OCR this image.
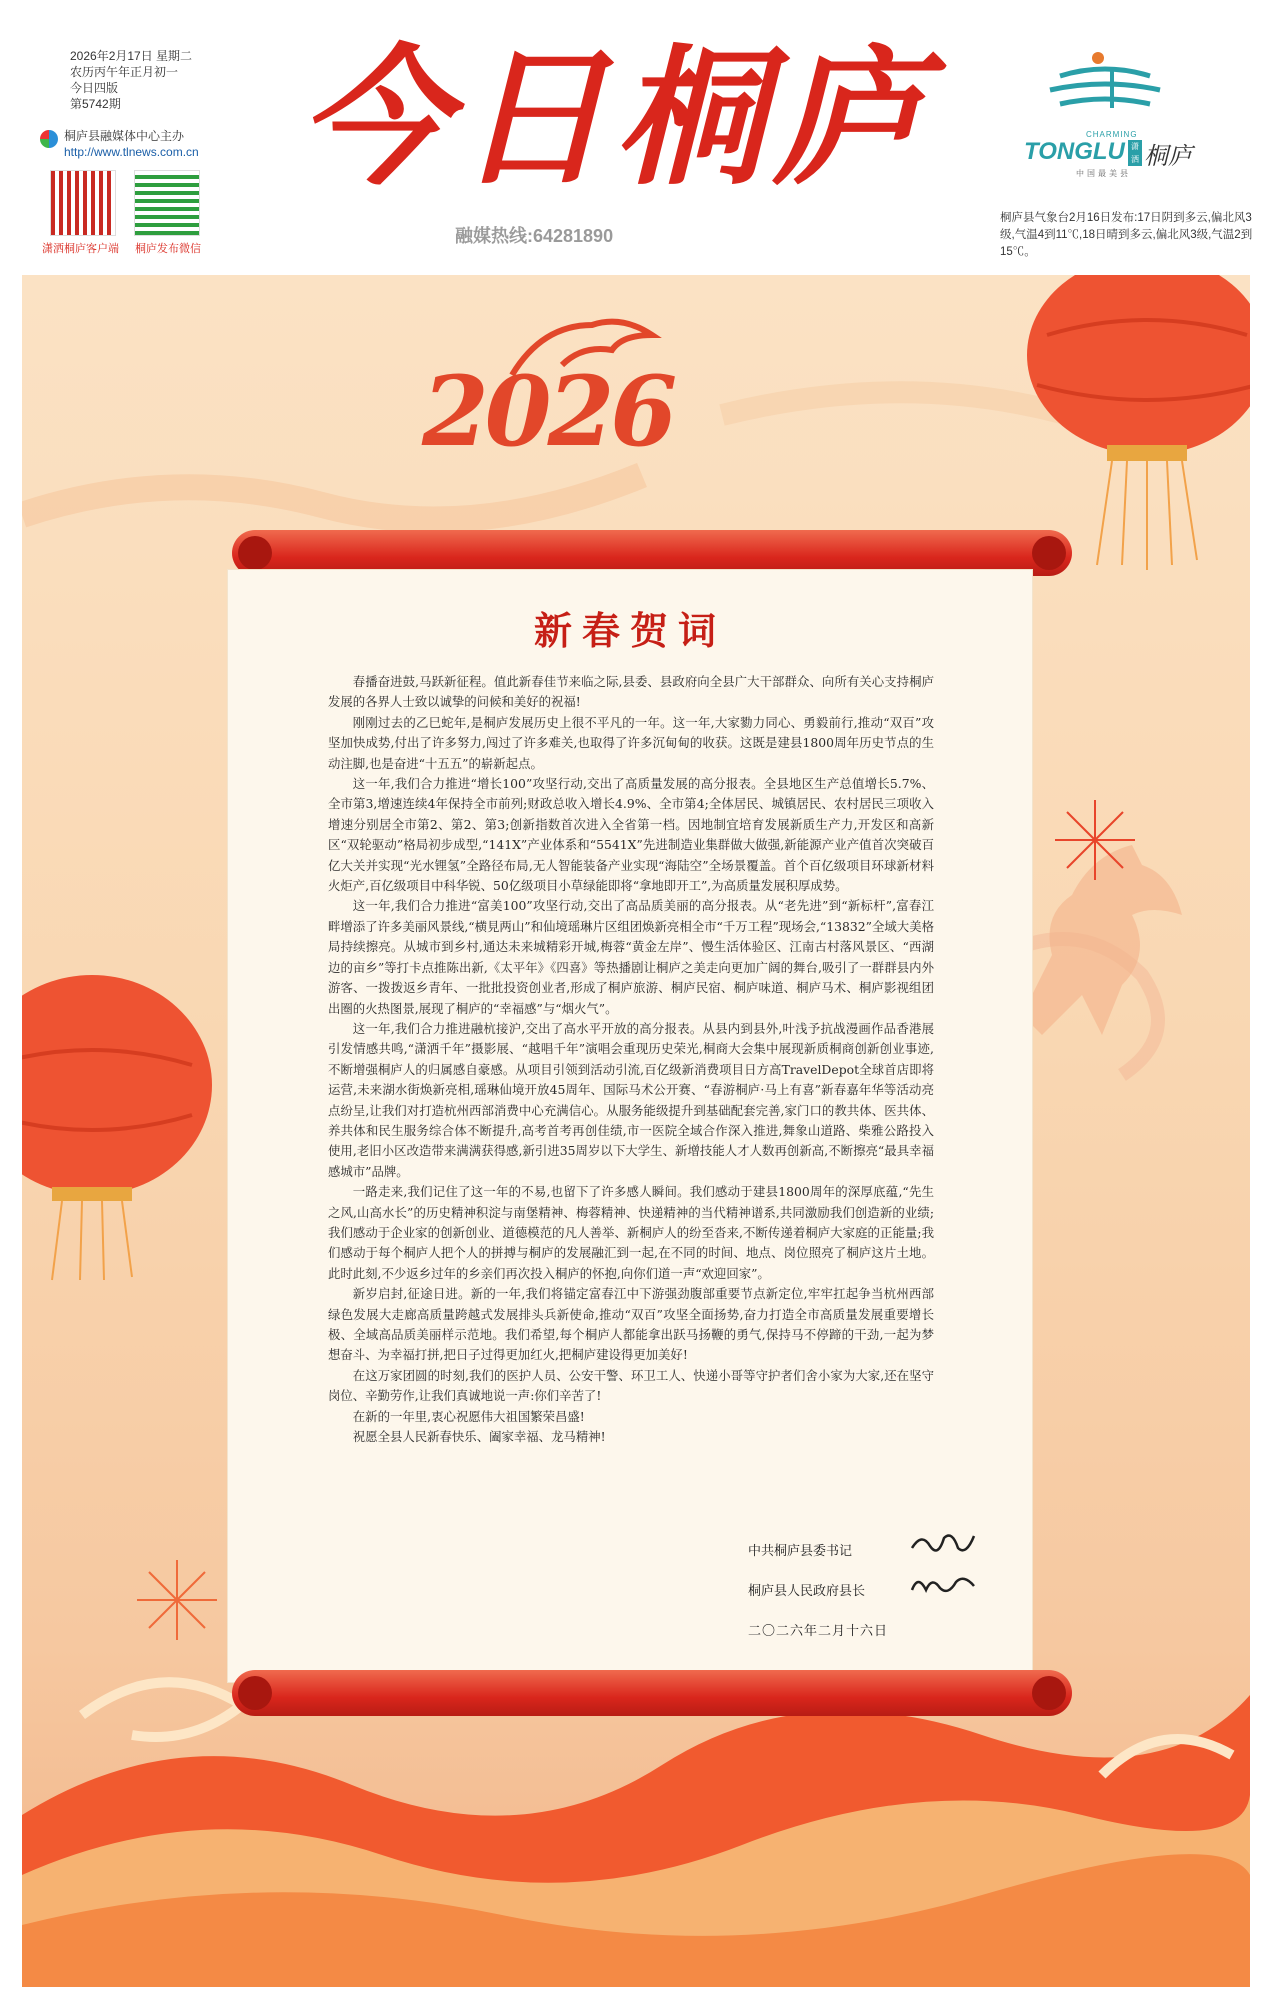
2026年2月17日 星期二
农历丙午年正月初一
今日四版
第5742期
桐庐县融媒体中心主办
http://www.tlnews.com.cn
潇洒桐庐客户端 桐庐发布微信
今日桐庐
融媒热线:64281890
CHARMING
TONGLU 潇洒 桐庐
中国最美县
桐庐县气象台2月16日发布:17日阴到多云,偏北风3级,气温4到11℃,18日晴到多云,偏北风3级,气温2到15℃。
2026
新春贺词

春播奋进鼓,马跃新征程。值此新春佳节来临之际,县委、县政府向全县广大干部群众、向所有关心支持桐庐发展的各界人士致以诚挚的问候和美好的祝福!

刚刚过去的乙巳蛇年,是桐庐发展历史上很不平凡的一年。这一年,大家勠力同心、勇毅前行,推动“双百”攻坚加快成势,付出了许多努力,闯过了许多难关,也取得了许多沉甸甸的收获。这既是建县1800周年历史节点的生动注脚,也是奋进“十五五”的崭新起点。

这一年,我们合力推进“增长100”攻坚行动,交出了高质量发展的高分报表。全县地区生产总值增长5.7%、全市第3,增速连续4年保持全市前列;财政总收入增长4.9%、全市第4;全体居民、城镇居民、农村居民三项收入增速分别居全市第2、第2、第3;创新指数首次进入全省第一档。因地制宜培育发展新质生产力,开发区和高新区“双轮驱动”格局初步成型,“141X”产业体系和“5541X”先进制造业集群做大做强,新能源产业产值首次突破百亿大关并实现“光水锂氢”全路径布局,无人智能装备产业实现“海陆空”全场景覆盖。首个百亿级项目环球新材料火炬产,百亿级项目中科华锐、50亿级项目小草绿能即将“拿地即开工”,为高质量发展积厚成势。

这一年,我们合力推进“富美100”攻坚行动,交出了高品质美丽的高分报表。从“老先进”到“新标杆”,富春江畔增添了许多美丽风景线,“横見两山”和仙境瑶琳片区组团焕新亮相全市“千万工程”现场会,“13832”全域大美格局持续擦亮。从城市到乡村,通达未来城精彩开城,梅蓉“黄金左岸”、慢生活体验区、江南古村落风景区、“西湖边的亩乡”等打卡点推陈出新,《太平年》《四喜》等热播剧让桐庐之美走向更加广阔的舞台,吸引了一群群县内外游客、一拨拨返乡青年、一批批投资创业者,形成了桐庐旅游、桐庐民宿、桐庐味道、桐庐马术、桐庐影视组团出圈的火热图景,展现了桐庐的“幸福感”与“烟火气”。

这一年,我们合力推进融杭接沪,交出了高水平开放的高分报表。从县内到县外,叶浅予抗战漫画作品香港展引发情感共鸣,“潇洒千年”摄影展、“越唱千年”演唱会重现历史荣光,桐商大会集中展现新质桐商创新创业事迹,不断增强桐庐人的归属感自豪感。从项目引领到活动引流,百亿级新消费项目日方高TravelDepot全球首店即将运营,未来湖水街焕新亮相,瑶琳仙境开放45周年、国际马术公开赛、“春游桐庐·马上有喜”新春嘉年华等活动亮点纷呈,让我们对打造杭州西部消费中心充满信心。从服务能级提升到基础配套完善,家门口的教共体、医共体、养共体和民生服务综合体不断提升,高考首考再创佳绩,市一医院全域合作深入推进,舞象山道路、柴雅公路投入使用,老旧小区改造带来满满获得感,新引进35周岁以下大学生、新增技能人才人数再创新高,不断擦亮“最具幸福感城市”品牌。

一路走来,我们记住了这一年的不易,也留下了许多感人瞬间。我们感动于建县1800周年的深厚底蕴,“先生之风,山高水长”的历史精神积淀与南堡精神、梅蓉精神、快递精神的当代精神谱系,共同激励我们创造新的业绩;我们感动于企业家的创新创业、道德模范的凡人善举、新桐庐人的纷至沓来,不断传递着桐庐大家庭的正能量;我们感动于每个桐庐人把个人的拼搏与桐庐的发展融汇到一起,在不同的时间、地点、岗位照亮了桐庐这片土地。此时此刻,不少返乡过年的乡亲们再次投入桐庐的怀抱,向你们道一声“欢迎回家”。

新岁启封,征途日进。新的一年,我们将锚定富春江中下游强劲腹部重要节点新定位,牢牢扛起争当杭州西部绿色发展大走廊高质量跨越式发展排头兵新使命,推动“双百”攻坚全面扬势,奋力打造全市高质量发展重要增长极、全域高品质美丽样示范地。我们希望,每个桐庐人都能拿出跃马扬鞭的勇气,保持马不停蹄的干劲,一起为梦想奋斗、为幸福打拼,把日子过得更加红火,把桐庐建设得更加美好!

在这万家团圆的时刻,我们的医护人员、公安干警、环卫工人、快递小哥等守护者们舍小家为大家,还在坚守岗位、辛勤劳作,让我们真诚地说一声:你们辛苦了!

在新的一年里,衷心祝愿伟大祖国繁荣昌盛!

祝愿全县人民新春快乐、阖家幸福、龙马精神!

中共桐庐县委书记
桐庐县人民政府县长
二〇二六年二月十六日
